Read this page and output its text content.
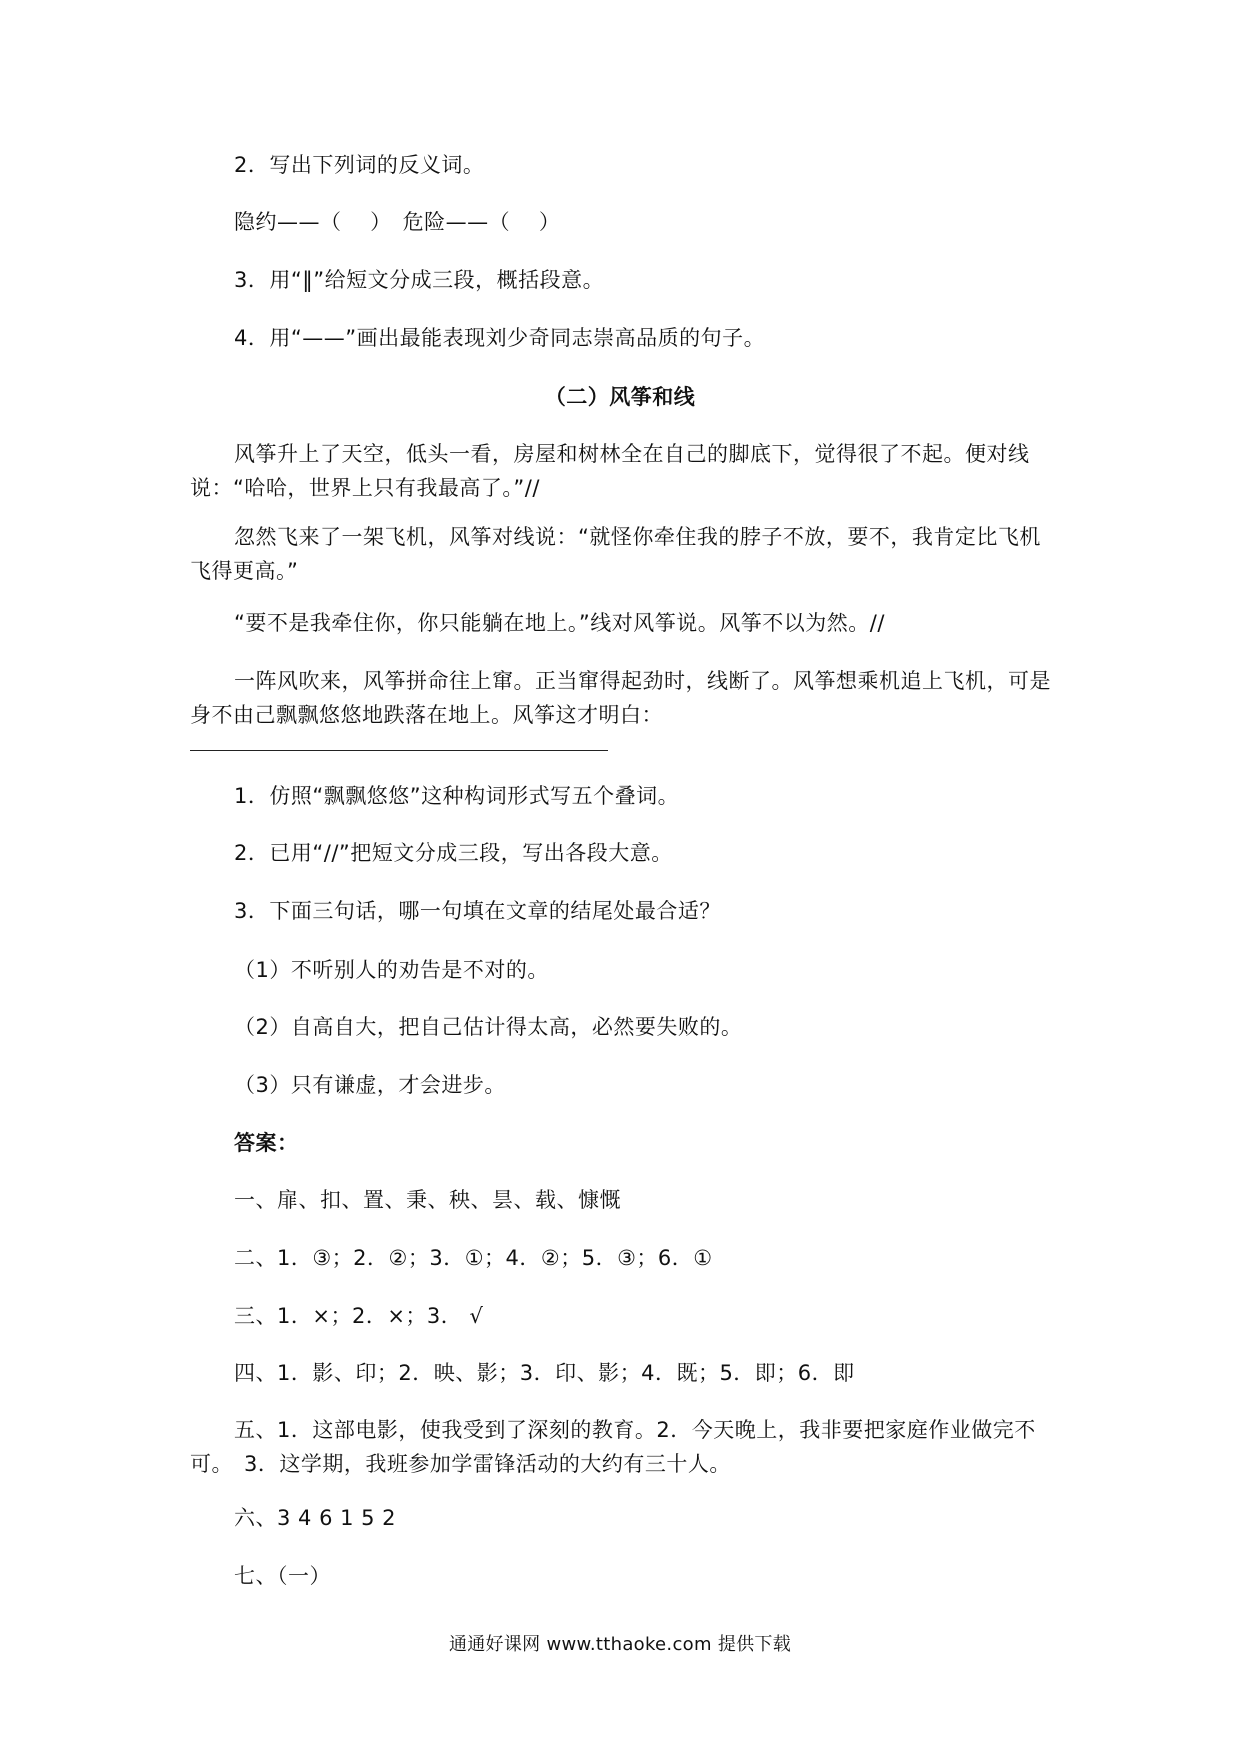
2．写出下列词的反义词。
隐约——（　 ）　危险——（　 ）
3．用“‖”给短文分成三段，概括段意。
4．用“——”画出最能表现刘少奇同志崇高品质的句子。
（二）风筝和线
风筝升上了天空，低头一看，房屋和树林全在自己的脚底下，觉得很了不起。便对线说：“哈哈，世界上只有我最高了。”//
忽然飞来了一架飞机，风筝对线说：“就怪你牵住我的脖子不放，要不，我肯定比飞机飞得更高。”
“要不是我牵住你，你只能躺在地上。”线对风筝说。风筝不以为然。//
一阵风吹来，风筝拼命往上窜。正当窜得起劲时，线断了。风筝想乘机追上飞机，可是身不由己飘飘悠悠地跌落在地上。风筝这才明白：
1．仿照“飘飘悠悠”这种构词形式写五个叠词。
2．已用“//”把短文分成三段，写出各段大意。
3．下面三句话，哪一句填在文章的结尾处最合适？
（1）不听别人的劝告是不对的。
（2）自高自大，把自己估计得太高，必然要失败的。
（3）只有谦虚，才会进步。
答案：
一、扉、扣、置、秉、秧、昙、载、慷慨
二、1．③；2．②；3．①；4．②；5．③；6．①
三、1．×；2．×；3． √
四、1．影、印；2．映、影；3．印、影；4．既；5．即；6．即
五、1．这部电影，使我受到了深刻的教育。2．今天晚上，我非要把家庭作业做完不可。　3．这学期，我班参加学雷锋活动的大约有三十人。
六、3 4 6 1 5 2
七、（一）
通通好课网 www.tthaoke.com 提供下载
